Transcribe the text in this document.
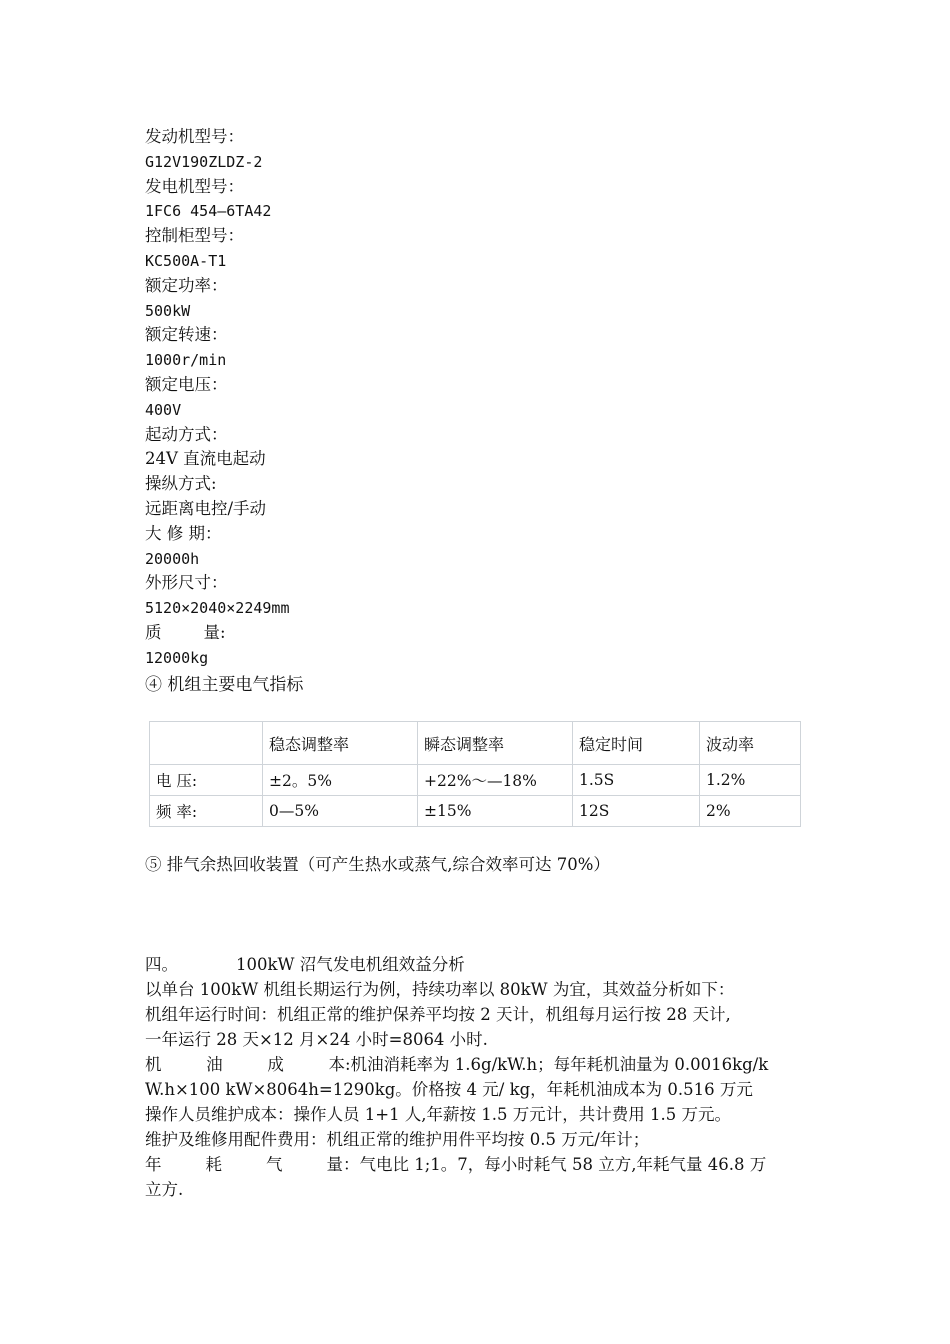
发动机型号：
G12V190ZLDZ-2
发电机型号：
1FC6 454—6TA42
控制柜型号：
KC500A-T1
额定功率：
500kW
额定转速：
1000r/min
额定电压：
400V
起动方式：
24V 直流电起动
操纵方式:
远距离电控/手动
大 修 期：
20000h
外形尺寸：
5120×2040×2249mm
质        量:
12000kg
④ 机组主要电气指标
	稳态调整率	瞬态调整率	稳定时间	波动率
电 压:	±2。5%	+22%～—18%	1.5S	1.2%
频 率:	0—5%	±15%	12S	2%
⑤ 排气余热回收装置（可产生热水或蒸气,综合效率可达 70%）
四。	100kW 沼气发电机组效益分析
以单台 100kW 机组长期运行为例，持续功率以 80kW 为宜，其效益分析如下：
机组年运行时间：机组正常的维护保养平均按 2 天计，机组每月运行按 28 天计,
一年运行 28 天×12 月×24 小时=8064 小时.
机	油	成	本 :机油消耗率为 1.6g/kW.h；每年耗机油量为 0.0016kg/k
W.h×100 kW×8064h=1290kg。价格按 4 元/ kg，年耗机油成本为 0.516 万元
操作人员维护成本：操作人员 1+1 人,年薪按 1.5 万元计，共计费用 1.5 万元。
维护及维修用配件费用：机组正常的维护用件平均按 0.5 万元/年计；
年	耗	气	量 ：气电比 1;1。7，每小时耗气 58 立方,年耗气量 46.8 万
立方.
